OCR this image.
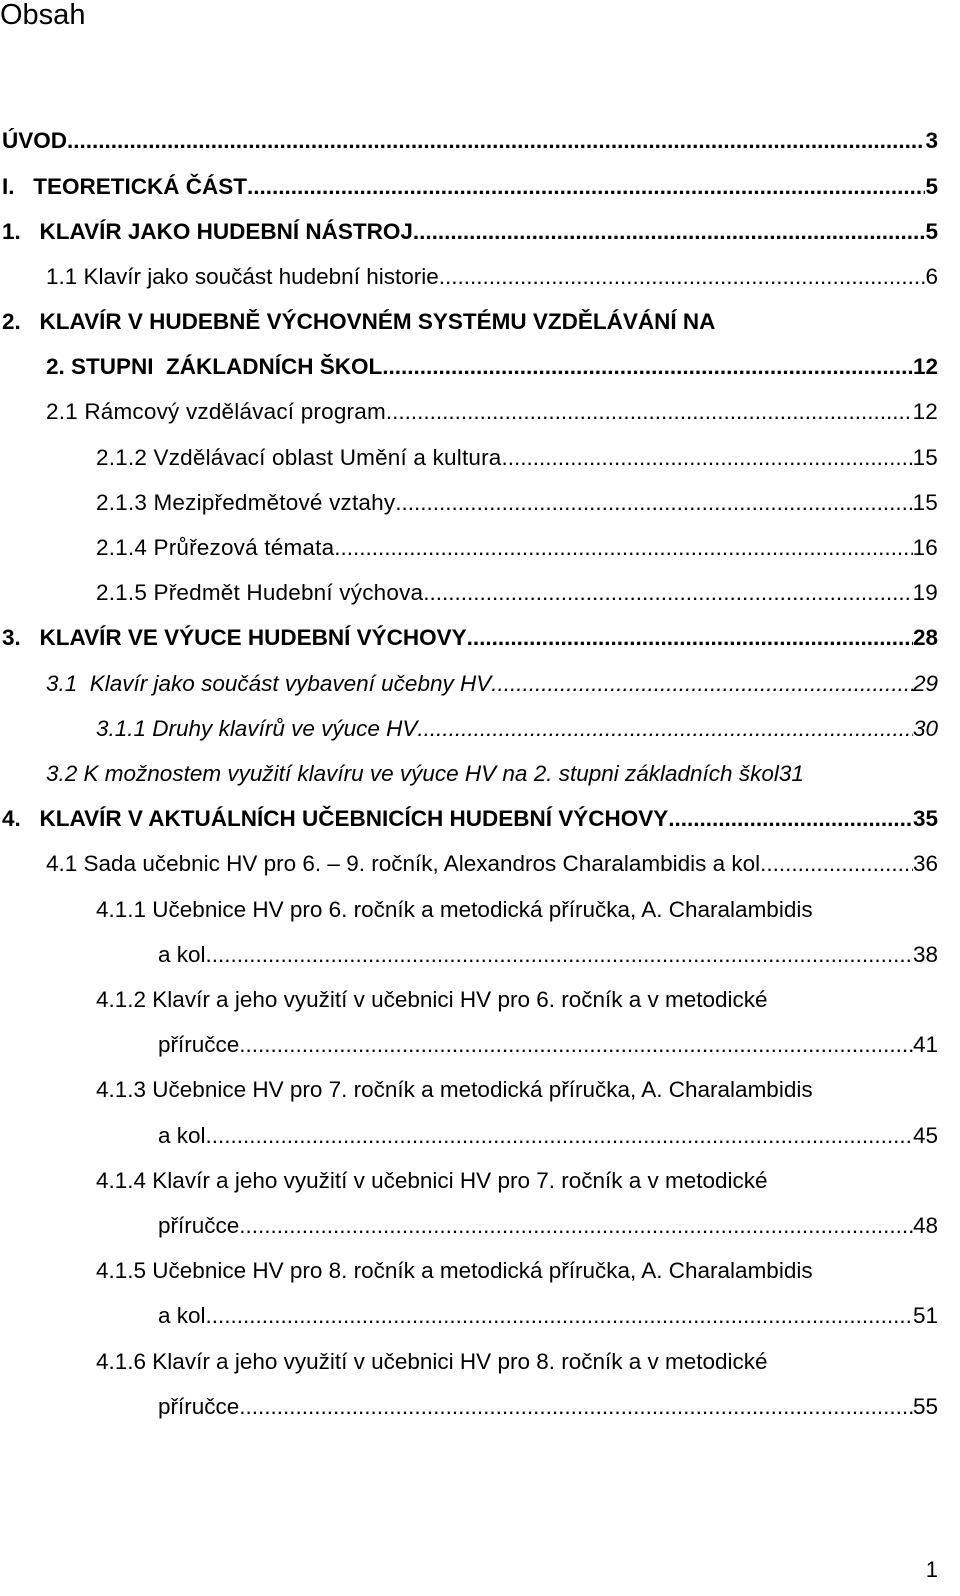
Obsah
ÚVOD .....	3
I.   TEORETICKÁ ČÁST .....	5
1.   KLAVÍR JAKO HUDEBNÍ NÁSTROJ .....	5
1.1 Klavír jako součást hudební historie .....	6
2.   KLAVÍR V HUDEBNĚ VÝCHOVNÉM SYSTÉMU VZDĚLÁVÁNÍ NA
2. STUPNI  ZÁKLADNÍCH ŠKOL .....	12
2.1 Rámcový vzdělávací program .....	12
2.1.2 Vzdělávací oblast Umění a kultura .....	15
2.1.3 Mezipředmětové vztahy .....	15
2.1.4 Průřezová témata .....	16
2.1.5 Předmět Hudební výchova .....	19
3.   KLAVÍR VE VÝUCE HUDEBNÍ VÝCHOVY .....	28
3.1  Klavír jako součást vybavení učebny HV .....	29
3.1.1 Druhy klavírů ve výuce HV .....	30
3.2 K možnostem využití klavíru ve výuce HV na 2. stupni základních škol 31
4.   KLAVÍR V AKTUÁLNÍCH UČEBNICÍCH HUDEBNÍ VÝCHOVY .....	35
4.1 Sada učebnic HV pro 6. – 9. ročník, Alexandros Charalambidis a kol. .....	36
4.1.1 Učebnice HV pro 6. ročník a metodická příručka, A. Charalambidis
a kol. .....	38
4.1.2 Klavír a jeho využití v učebnici HV pro 6. ročník a v metodické
příručce .....	41
4.1.3 Učebnice HV pro 7. ročník a metodická příručka, A. Charalambidis
a kol. .....	45
4.1.4 Klavír a jeho využití v učebnici HV pro 7. ročník a v metodické
příručce .....	48
4.1.5 Učebnice HV pro 8. ročník a metodická příručka, A. Charalambidis
a kol. .....	51
4.1.6 Klavír a jeho využití v učebnici HV pro 8. ročník a v metodické
příručce .....	55
1
